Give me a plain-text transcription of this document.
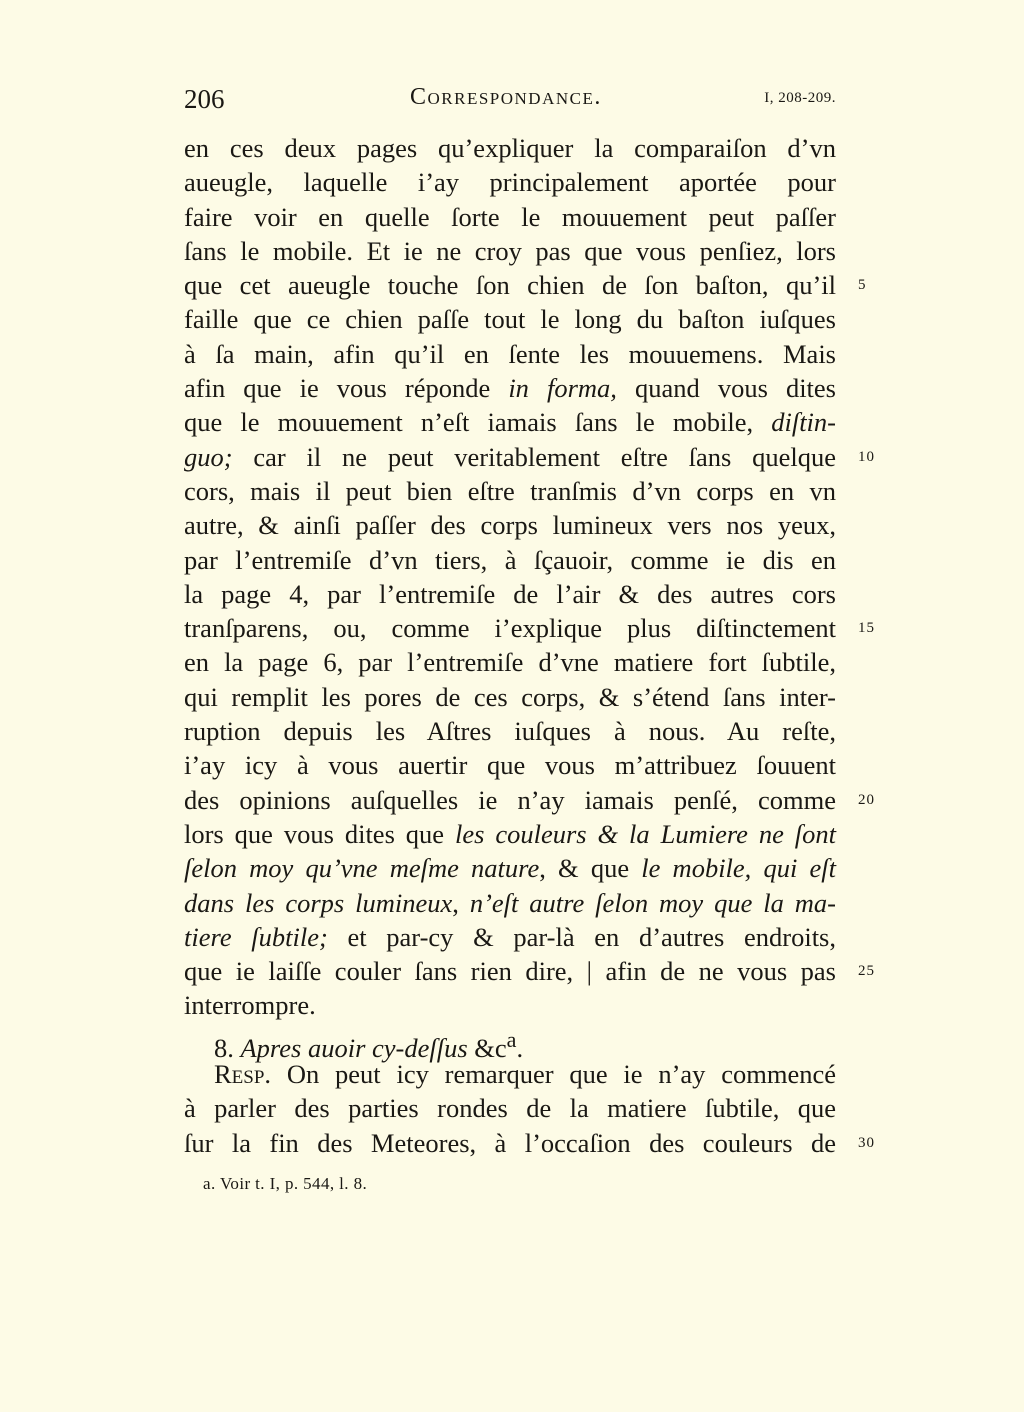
206	Correspondance.	I, 208-209.
en ces deux pages qu’expliquer la comparaiſon d’vn
aueugle, laquelle i’ay principalement aportée pour
faire voir en quelle ſorte le mouuement peut paſſer
ſans le mobile. Et ie ne croy pas que vous penſiez, lors
que cet aueugle touche ſon chien de ſon baſton, qu’il 5
faille que ce chien paſſe tout le long du baſton iuſques
à ſa main, afin qu’il en ſente les mouuemens. Mais
afin que ie vous réponde in forma, quand vous dites
que le mouuement n’eſt iamais ſans le mobile, diſtin-
guo; car il ne peut veritablement eſtre ſans quelque 10
cors, mais il peut bien eſtre tranſmis d’vn corps en vn
autre, & ainſi paſſer des corps lumineux vers nos yeux,
par l’entremiſe d’vn tiers, à ſçauoir, comme ie dis en
la page 4, par l’entremiſe de l’air & des autres cors
tranſparens, ou, comme i’explique plus diſtinctement 15
en la page 6, par l’entremiſe d’vne matiere fort ſubtile,
qui remplit les pores de ces corps, & s’étend ſans inter-
ruption depuis les Aſtres iuſques à nous. Au reſte,
i’ay icy à vous auertir que vous m’attribuez ſouuent
des opinions auſquelles ie n’ay iamais penſé, comme 20
lors que vous dites que les couleurs & la Lumiere ne ſont
ſelon moy qu’vne meſme nature, & que le mobile, qui eſt
dans les corps lumineux, n’eſt autre ſelon moy que la ma-
tiere ſubtile; et par-cy & par-là en d’autres endroits,
que ie laiſſe couler ſans rien dire, | afin de ne vous pas 25
interrompre.
8. Apres auoir cy-deſſus $\&c^a$.
Resp. On peut icy remarquer que ie n’ay commencé
à parler des parties rondes de la matiere ſubtile, que
ſur la fin des Meteores, à l’occaſion des couleurs de 30
a. Voir t. I, p. 544, l. 8.
